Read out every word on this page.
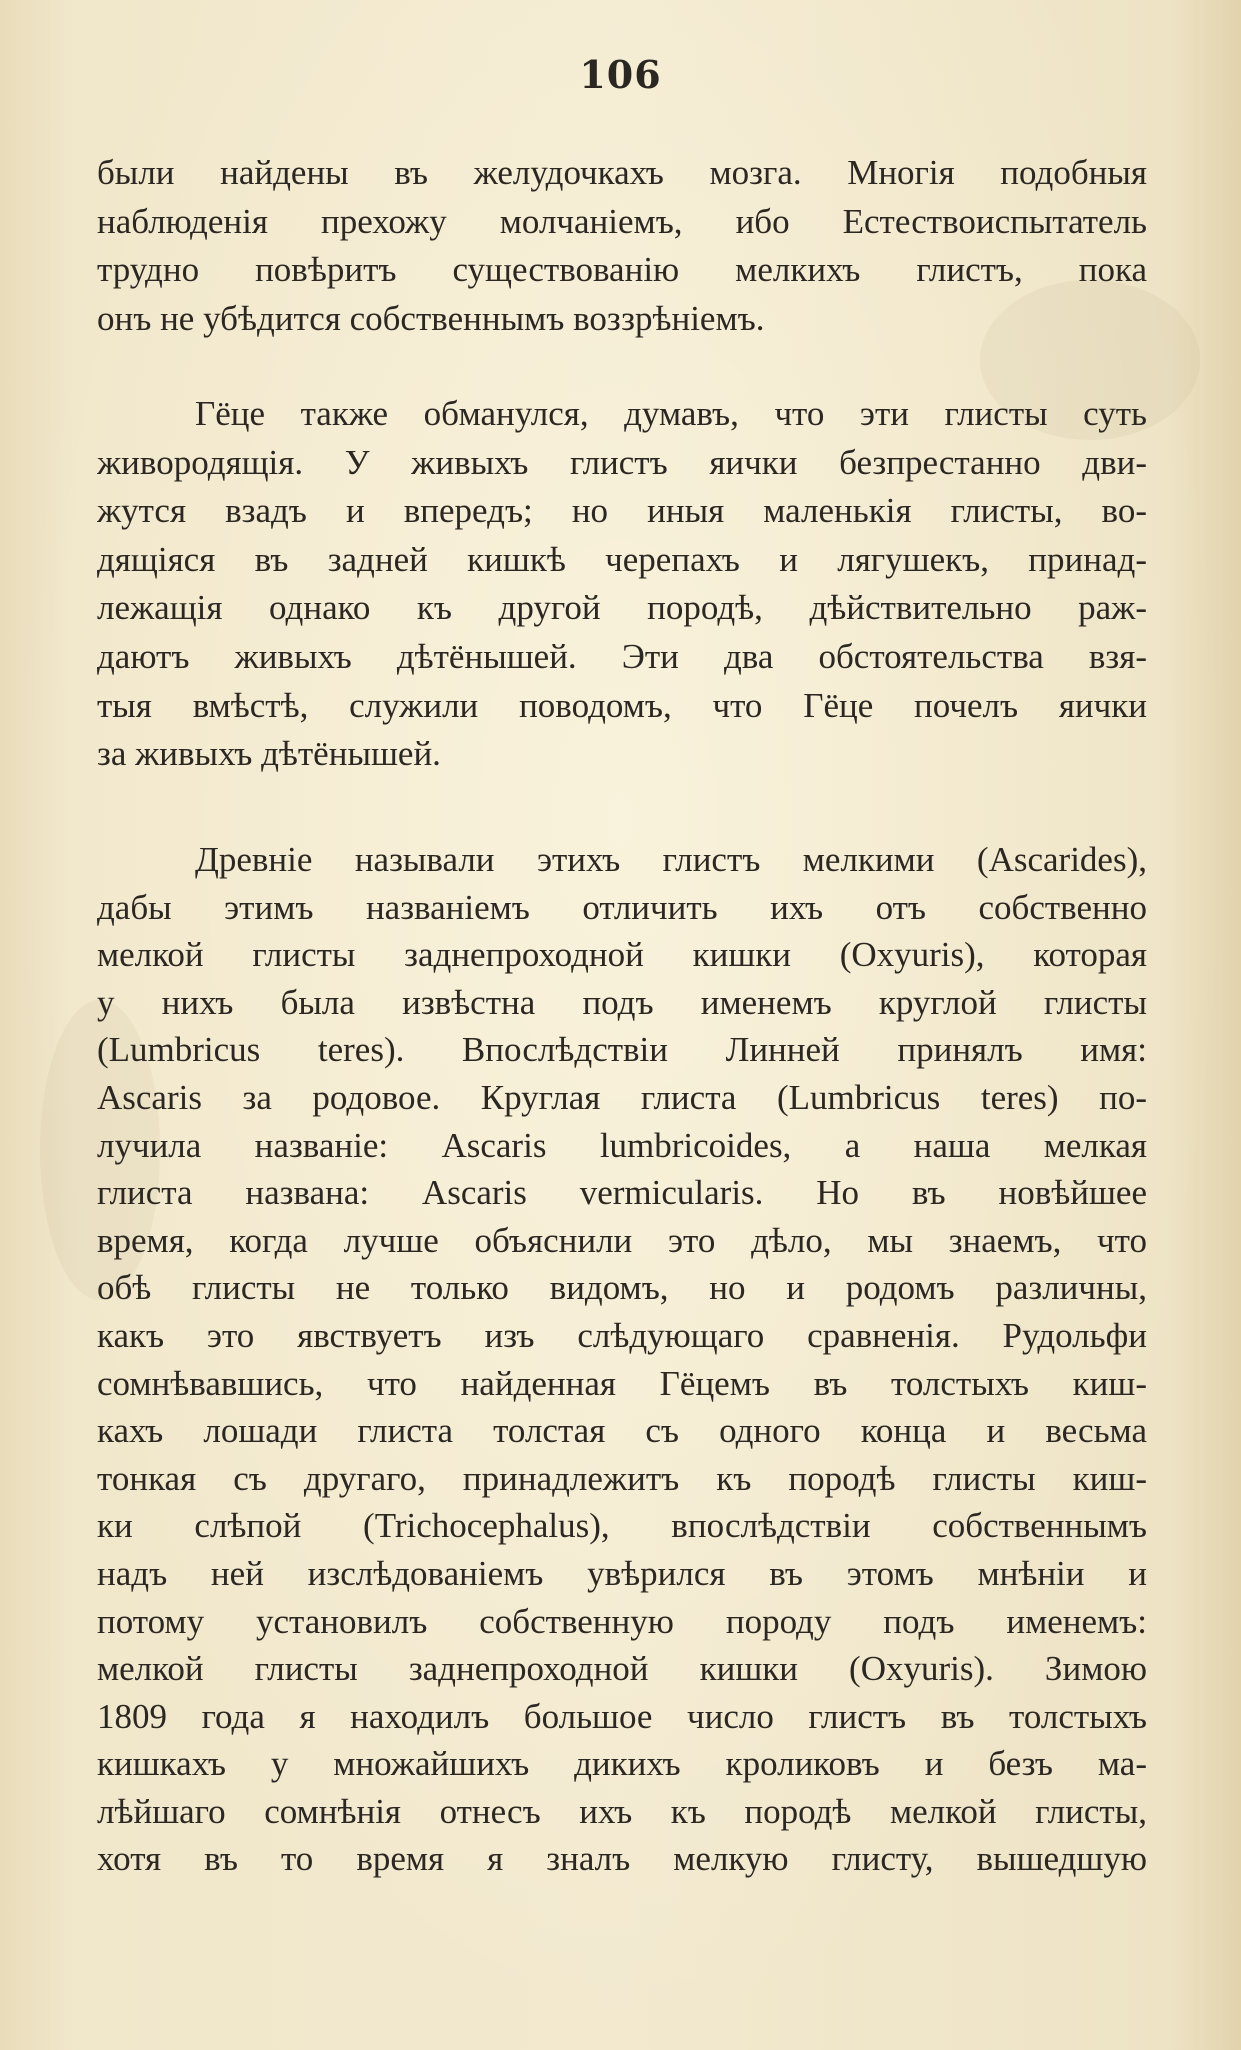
106
были найдены въ желудочкахъ мозга. Многія подобныя
наблюденія прехожу молчаніемъ, ибо Естествоиспытатель
трудно повѣритъ существованію мелкихъ глистъ, пока
онъ не убѣдится собственнымъ воззрѣніемъ.
Гёце также обманулся, думавъ, что эти глисты суть
живородящія. У живыхъ глистъ яички безпрестанно дви-
жутся взадъ и впередъ; но иныя маленькія глисты, во-
дящіяся въ задней кишкѣ черепахъ и лягушекъ, принад-
лежащія однако къ другой породѣ, дѣйствительно раж-
даютъ живыхъ дѣтёнышей. Эти два обстоятельства взя-
тыя вмѣстѣ, служили поводомъ, что Гёце почелъ яички
за живыхъ дѣтёнышей.
Древніе называли этихъ глистъ мелкими (Ascarides),
дабы этимъ названіемъ отличить ихъ отъ собственно
мелкой глисты заднепроходной кишки (Oxyuris), которая
у нихъ была извѣстна подъ именемъ круглой глисты
(Lumbricus teres). Впослѣдствіи Линней принялъ имя:
Ascaris за родовое. Круглая глиста (Lumbricus teres) по-
лучила названіе: Ascaris lumbricoides, а наша мелкая
глиста названа: Ascaris vermicularis. Но въ новѣйшее
время, когда лучше объяснили это дѣло, мы знаемъ, что
обѣ глисты не только видомъ, но и родомъ различны,
какъ это явствуетъ изъ слѣдующаго сравненія. Рудольфи
сомнѣвавшись, что найденная Гёцемъ въ толстыхъ киш-
кахъ лошади глиста толстая съ одного конца и весьма
тонкая съ другаго, принадлежитъ къ породѣ глисты киш-
ки слѣпой (Trichocephalus), впослѣдствіи собственнымъ
надъ ней изслѣдованіемъ увѣрился въ этомъ мнѣніи и
потому установилъ собственную породу подъ именемъ:
мелкой глисты заднепроходной кишки (Oxyuris). Зимою
1809 года я находилъ большое число глистъ въ толстыхъ
кишкахъ у множайшихъ дикихъ кроликовъ и безъ ма-
лѣйшаго сомнѣнія отнесъ ихъ къ породѣ мелкой глисты,
хотя въ то время я зналъ мелкую глисту, вышедшую
